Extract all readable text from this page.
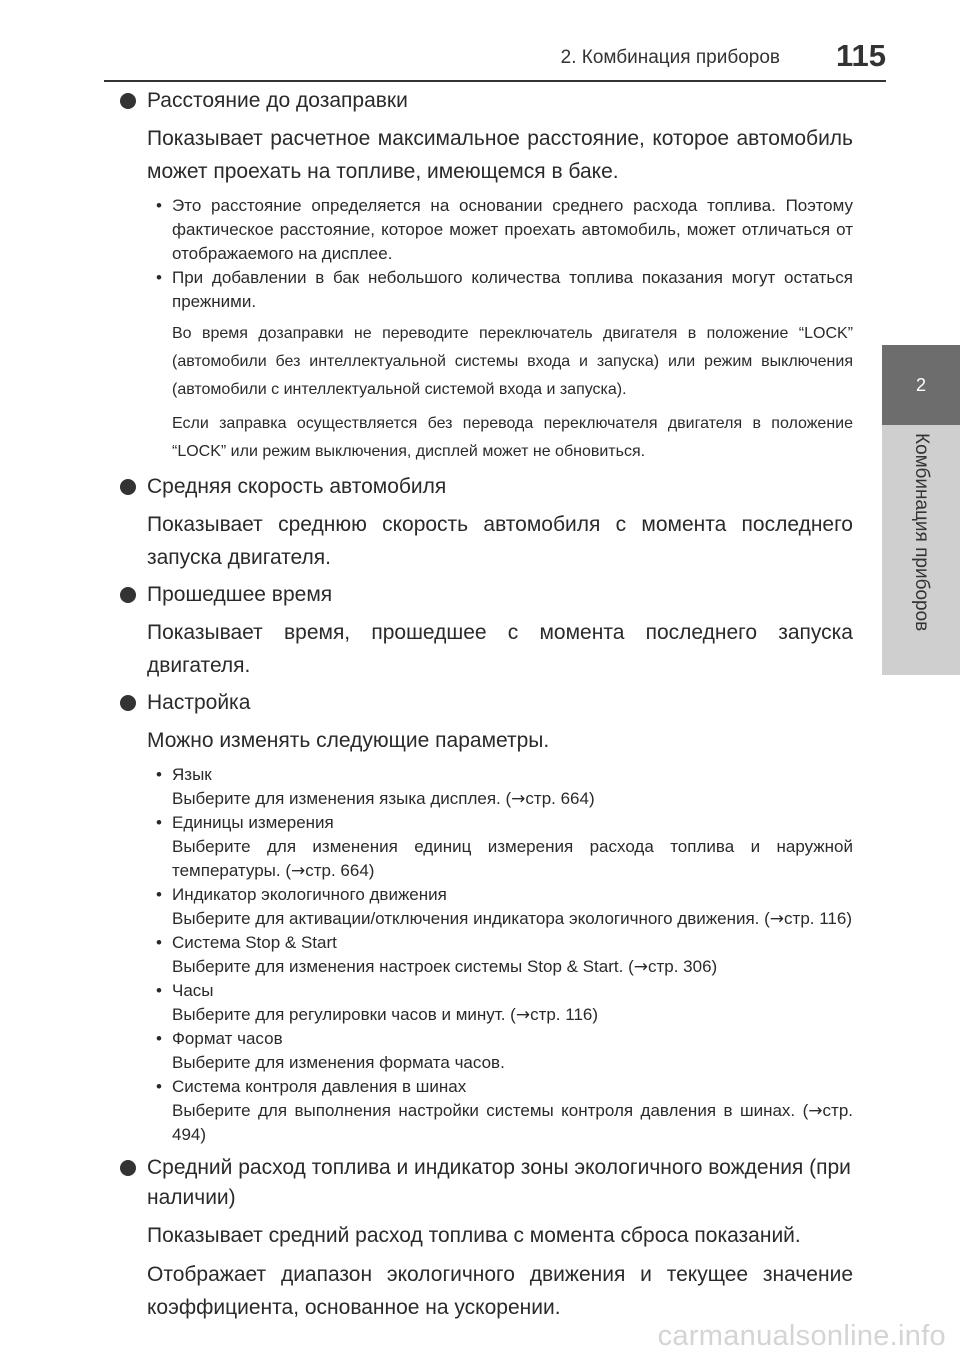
2. Комбинация приборов 115
2
Комбинация приборов
Расстояние до дозаправки

Показывает расчетное максимальное расстояние, которое автомобиль может проехать на топливе, имеющемся в баке.

• Это расстояние определяется на основании среднего расхода топлива. Поэтому фактическое расстояние, которое может проехать автомобиль, может отличаться от отображаемого на дисплее.
• При добавлении в бак небольшого количества топлива показания могут остаться прежними.

Во время дозаправки не переводите переключатель двигателя в положение “LOCK” (автомобили без интеллектуальной системы входа и запуска) или режим выключения (автомобили с интеллектуальной системой входа и запуска).

Если заправка осуществляется без перевода переключателя двигателя в положение “LOCK” или режим выключения, дисплей может не обновиться.

Средняя скорость автомобиля

Показывает среднюю скорость автомобиля с момента последнего запуска двигателя.

Прошедшее время

Показывает время, прошедшее с момента последнего запуска двигателя.

Настройка

Можно изменять следующие параметры.

• Язык
Выберите для изменения языка дисплея. (→стр. 664)
• Единицы измерения
Выберите для изменения единиц измерения расхода топлива и наружной температуры. (→стр. 664)
• Индикатор экологичного движения
Выберите для активации/отключения индикатора экологичного движения. (→стр. 116)
• Система Stop & Start
Выберите для изменения настроек системы Stop & Start. (→стр. 306)
• Часы
Выберите для регулировки часов и минут. (→стр. 116)
• Формат часов
Выберите для изменения формата часов.
• Система контроля давления в шинах
Выберите для выполнения настройки системы контроля давления в шинах. (→стр. 494)
Средний расход топлива и индикатор зоны экологичного вождения (при наличии)

Показывает средний расход топлива с момента сброса показаний.

Отображает диапазон экологичного движения и текущее значение коэффициента, основанное на ускорении.

carmanualsonline.info
